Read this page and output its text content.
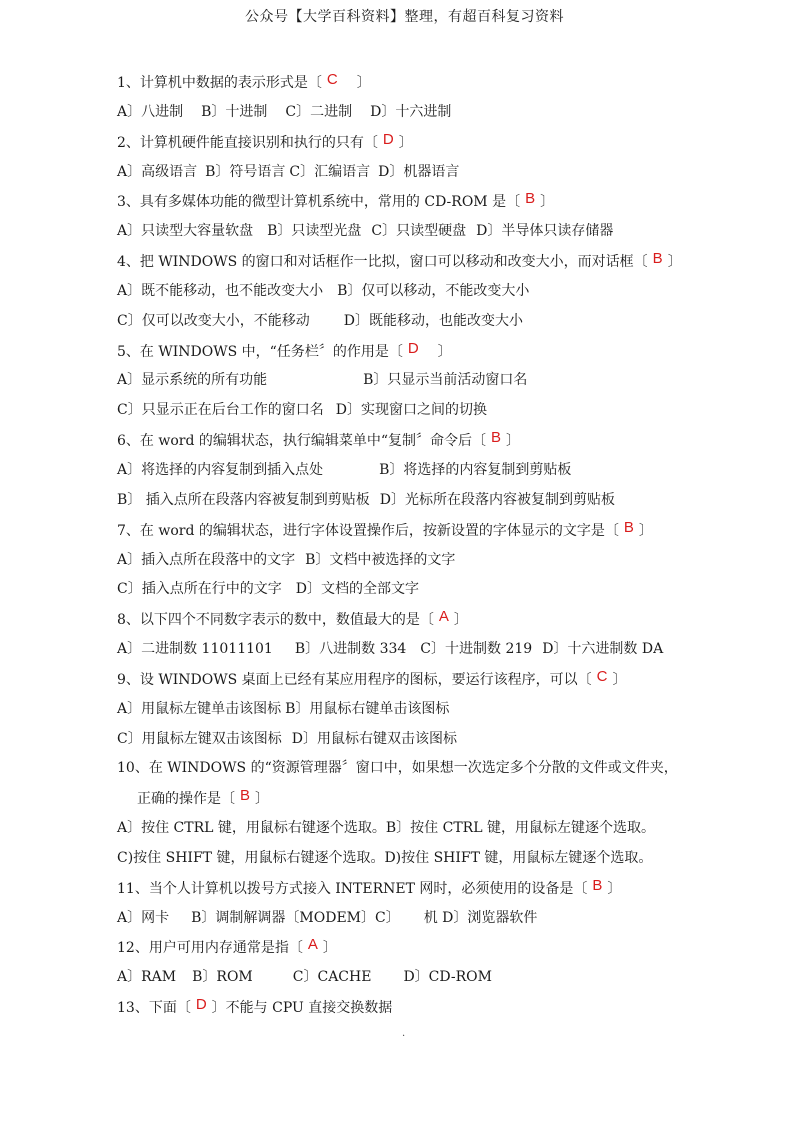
公众号【大学百科资料】整理，有超百科复习资料
1、计算机中数据的表示形式是〔 C　〕
A〕八进制 B〕十进制 C〕二进制 D〕十六进制
2、计算机硬件能直接识别和执行的只有〔 D 〕
A〕高级语言 B〕符号语言 C〕汇编语言 D〕机器语言
3、具有多媒体功能的微型计算机系统中，常用的 CD-ROM 是〔 B 〕
A〕只读型大容量软盘 B〕只读型光盘 C〕只读型硬盘 D〕半导体只读存储器
4、把 WINDOWS 的窗口和对话框作一比拟，窗口可以移动和改变大小，而对话框〔 B 〕
A〕既不能移动，也不能改变大小 B〕仅可以移动，不能改变大小
C〕仅可以改变大小，不能移动 D〕既能移动，也能改变大小
5、在 WINDOWS 中，“任务栏〞的作用是〔 D　〕
A〕显示系统的所有功能	B〕只显示当前活动窗口名
C〕只显示正在后台工作的窗口名 D〕实现窗口之间的切换
6、在 word 的编辑状态，执行编辑菜单中“复制〞命令后〔 B 〕
A〕将选择的内容复制到插入点处	B〕将选择的内容复制到剪贴板
B〕 插入点所在段落内容被复制到剪贴板 D〕光标所在段落内容被复制到剪贴板
7、在 word 的编辑状态，进行字体设置操作后，按新设置的字体显示的文字是〔 B 〕
A〕插入点所在段落中的文字 B〕文档中被选择的文字
C〕插入点所在行中的文字 D〕文档的全部文字
8、以下四个不同数字表示的数中，数值最大的是〔 A 〕
A〕二进制数 11011101 B〕八进制数 334 C〕十进制数 219 D〕十六进制数 DA
9、设 WINDOWS 桌面上已经有某应用程序的图标，要运行该程序，可以〔 C 〕
A〕用鼠标左键单击该图标 B〕用鼠标右键单击该图标
C〕用鼠标左键双击该图标 D〕用鼠标右键双击该图标
10、在 WINDOWS 的“资源管理器〞窗口中，如果想一次选定多个分散的文件或文件夹，
正确的操作是〔 B 〕
A〕按住 CTRL 键，用鼠标右键逐个选取。B〕按住 CTRL 键，用鼠标左键逐个选取。
C)按住 SHIFT 键，用鼠标右键逐个选取。D)按住 SHIFT 键，用鼠标左键逐个选取。
11、当个人计算机以拨号方式接入 INTERNET 网时，必须使用的设备是〔 B 〕
A〕网卡 B〕调制解调器〔MODEM〕C〕 机 D〕浏览器软件
12、用户可用内存通常是指〔 A 〕
A〕RAM B〕ROM	C〕CACHE D〕CD-ROM
13、下面〔 D 〕不能与 CPU 直接交换数据
.
